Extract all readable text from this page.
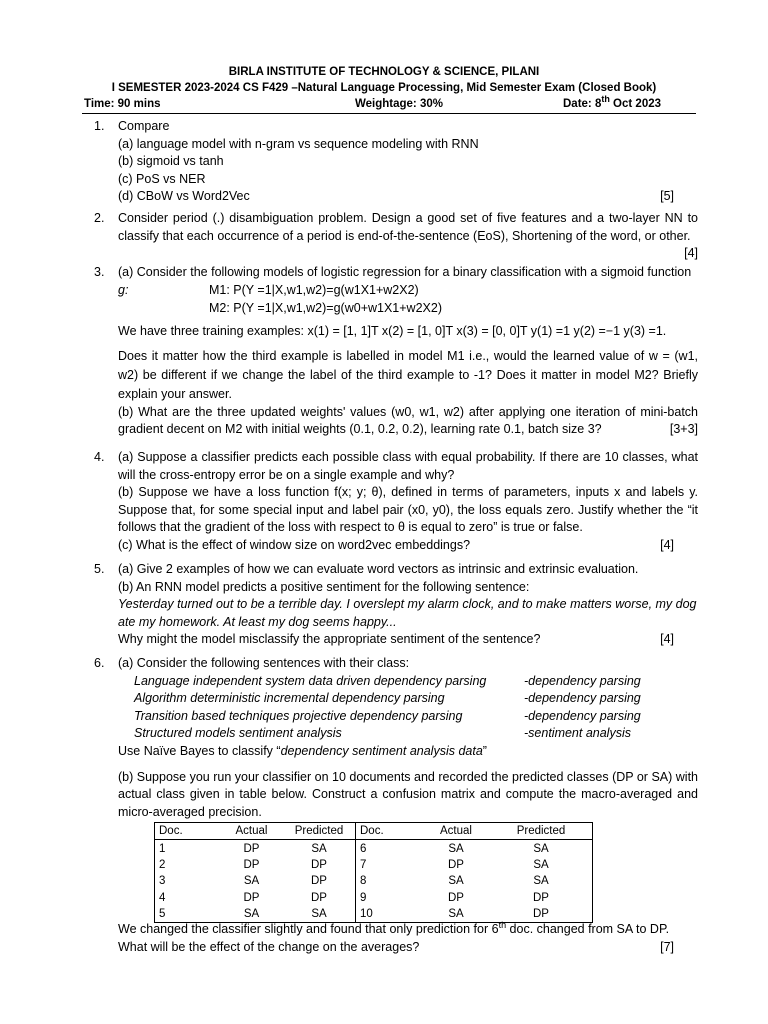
BIRLA INSTITUTE OF TECHNOLOGY & SCIENCE, PILANI
I SEMESTER 2023-2024 CS F429 –Natural Language Processing, Mid Semester Exam (Closed Book)
Time: 90 mins	Weightage: 30%	Date: 8th Oct 2023
1. Compare
(a) language model with n-gram vs sequence modeling with RNN
(b) sigmoid vs tanh
(c) PoS vs NER
(d) CBoW vs Word2Vec	[5]
2. Consider period (.) disambiguation problem. Design a good set of five features and a two-layer NN to classify that each occurrence of a period is end-of-the-sentence (EoS), Shortening of the word, or other.
[4]
3. (a) Consider the following models of logistic regression for a binary classification with a sigmoid function
g:	M1: P(Y =1|X,w1,w2)=g(w1X1+w2X2)
M2: P(Y =1|X,w1,w2)=g(w0+w1X1+w2X2)
We have three training examples: x(1) = [1, 1]T x(2) = [1, 0]T x(3) = [0, 0]T y(1) =1 y(2) =−1 y(3) =1.
Does it matter how the third example is labelled in model M1 i.e., would the learned value of w = (w1, w2) be different if we change the label of the third example to -1? Does it matter in model M2? Briefly explain your answer.
(b) What are the three updated weights' values (w0, w1, w2) after applying one iteration of mini-batch gradient decent on M2 with initial weights (0.1, 0.2, 0.2), learning rate 0.1, batch size 3?	[3+3]
4. (a) Suppose a classifier predicts each possible class with equal probability. If there are 10 classes, what will the cross-entropy error be on a single example and why?
(b) Suppose we have a loss function f(x; y; θ), defined in terms of parameters, inputs x and labels y. Suppose that, for some special input and label pair (x0, y0), the loss equals zero. Justify whether the “it follows that the gradient of the loss with respect to θ is equal to zero” is true or false.
(c) What is the effect of window size on word2vec embeddings?	[4]
5. (a) Give 2 examples of how we can evaluate word vectors as intrinsic and extrinsic evaluation.
(b) An RNN model predicts a positive sentiment for the following sentence:
Yesterday turned out to be a terrible day. I overslept my alarm clock, and to make matters worse, my dog ate my homework. At least my dog seems happy...
Why might the model misclassify the appropriate sentiment of the sentence?	[4]
6. (a) Consider the following sentences with their class:
Language independent system data driven dependency parsing	-dependency parsing
Algorithm deterministic incremental dependency parsing	-dependency parsing
Transition based techniques projective dependency parsing	-dependency parsing
Structured models sentiment analysis	-sentiment analysis
Use Naïve Bayes to classify “dependency sentiment analysis data”
(b) Suppose you run your classifier on 10 documents and recorded the predicted classes (DP or SA) with actual class given in table below. Construct a confusion matrix and compute the macro-averaged and micro-averaged precision.
Doc.	Actual	Predicted	Doc.	Actual	Predicted
1	DP	SA	6	SA	SA
2	DP	DP	7	DP	SA
3	SA	DP	8	SA	SA
4	DP	DP	9	DP	DP
5	SA	SA	10	SA	DP
We changed the classifier slightly and found that only prediction for 6th doc. changed from SA to DP.
What will be the effect of the change on the averages?	[7]
